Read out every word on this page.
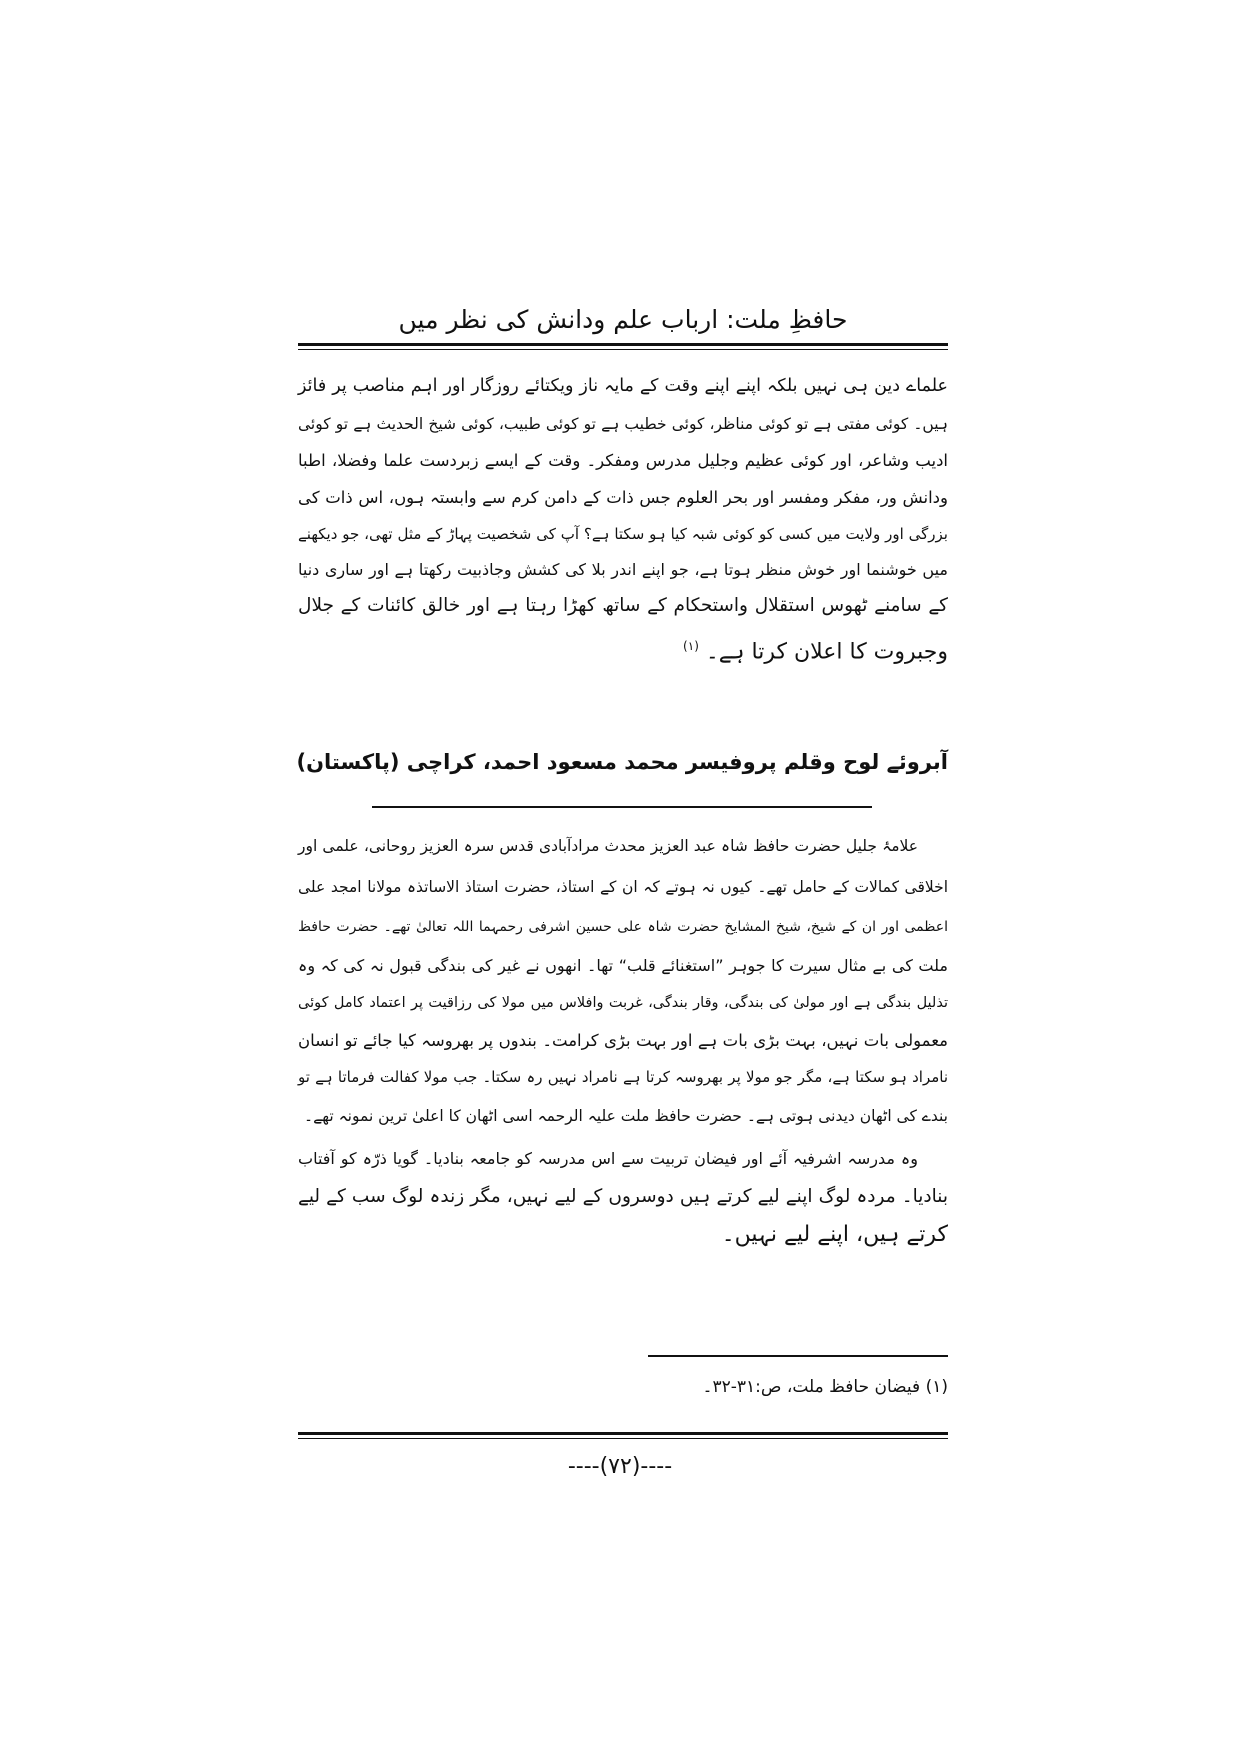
حافظِ ملت: ارباب علم ودانش کی نظر میں
علماے دین ہی نہیں بلکہ اپنے اپنے وقت کے مایہ ناز ویکتائے روزگار اور اہم مناصب پر فائز
ہیں۔ کوئی مفتی ہے تو کوئی مناظر، کوئی خطیب ہے تو کوئی طبیب، کوئی شیخ الحدیث ہے تو کوئی
ادیب وشاعر، اور کوئی عظیم وجلیل مدرس ومفکر۔ وقت کے ایسے زبردست علما وفضلا، اطبا
ودانش ور، مفکر ومفسر اور بحر العلوم جس ذات کے دامن کرم سے وابستہ ہوں، اس ذات کی
بزرگی اور ولایت میں کسی کو کوئی شبہ کیا ہو سکتا ہے؟ آپ کی شخصیت پہاڑ کے مثل تھی، جو دیکھنے
میں خوشنما اور خوش منظر ہوتا ہے، جو اپنے اندر بلا کی کشش وجاذبیت رکھتا ہے اور ساری دنیا
کے سامنے ٹھوس استقلال واستحکام کے ساتھ کھڑا رہتا ہے اور خالق کائنات کے جلال
وجبروت کا اعلان کرتا ہے۔ $^{(۱)}$
آبروئے لوح وقلم پروفیسر محمد مسعود احمد، کراچی (پاکستان)
علامۂ جلیل حضرت حافظ شاہ عبد العزیز محدث مرادآبادی قدس سرہ العزیز روحانی، علمی اور
اخلاقی کمالات کے حامل تھے۔ کیوں نہ ہوتے کہ ان کے استاذ، حضرت استاذ الاساتذہ مولانا امجد علی
اعظمی اور ان کے شیخ، شیخ المشایخ حضرت شاہ علی حسین اشرفی رحمہما اللہ تعالیٰ تھے۔ حضرت حافظ
ملت کی بے مثال سیرت کا جوہر ”استغنائے قلب“ تھا۔ انھوں نے غیر کی بندگی قبول نہ کی کہ وہ
تذلیل بندگی ہے اور مولیٰ کی بندگی، وقار بندگی، غربت وافلاس میں مولا کی رزاقیت پر اعتماد کامل کوئی
معمولی بات نہیں، بہت بڑی بات ہے اور بہت بڑی کرامت۔ بندوں پر بھروسہ کیا جائے تو انسان
نامراد ہو سکتا ہے، مگر جو مولا پر بھروسہ کرتا ہے نامراد نہیں رہ سکتا۔ جب مولا کفالت فرماتا ہے تو
بندے کی اٹھان دیدنی ہوتی ہے۔ حضرت حافظ ملت علیہ الرحمہ اسی اٹھان کا اعلیٰ ترین نمونہ تھے۔
وہ مدرسہ اشرفیہ آئے اور فیضان تربیت سے اس مدرسہ کو جامعہ بنادیا۔ گویا ذرّہ کو آفتاب
بنادیا۔ مردہ لوگ اپنے لیے کرتے ہیں دوسروں کے لیے نہیں، مگر زندہ لوگ سب کے لیے
کرتے ہیں، اپنے لیے نہیں۔
(۱) فیضان حافظ ملت، ص:۳۱-۳۲۔
----(۷۲)----
